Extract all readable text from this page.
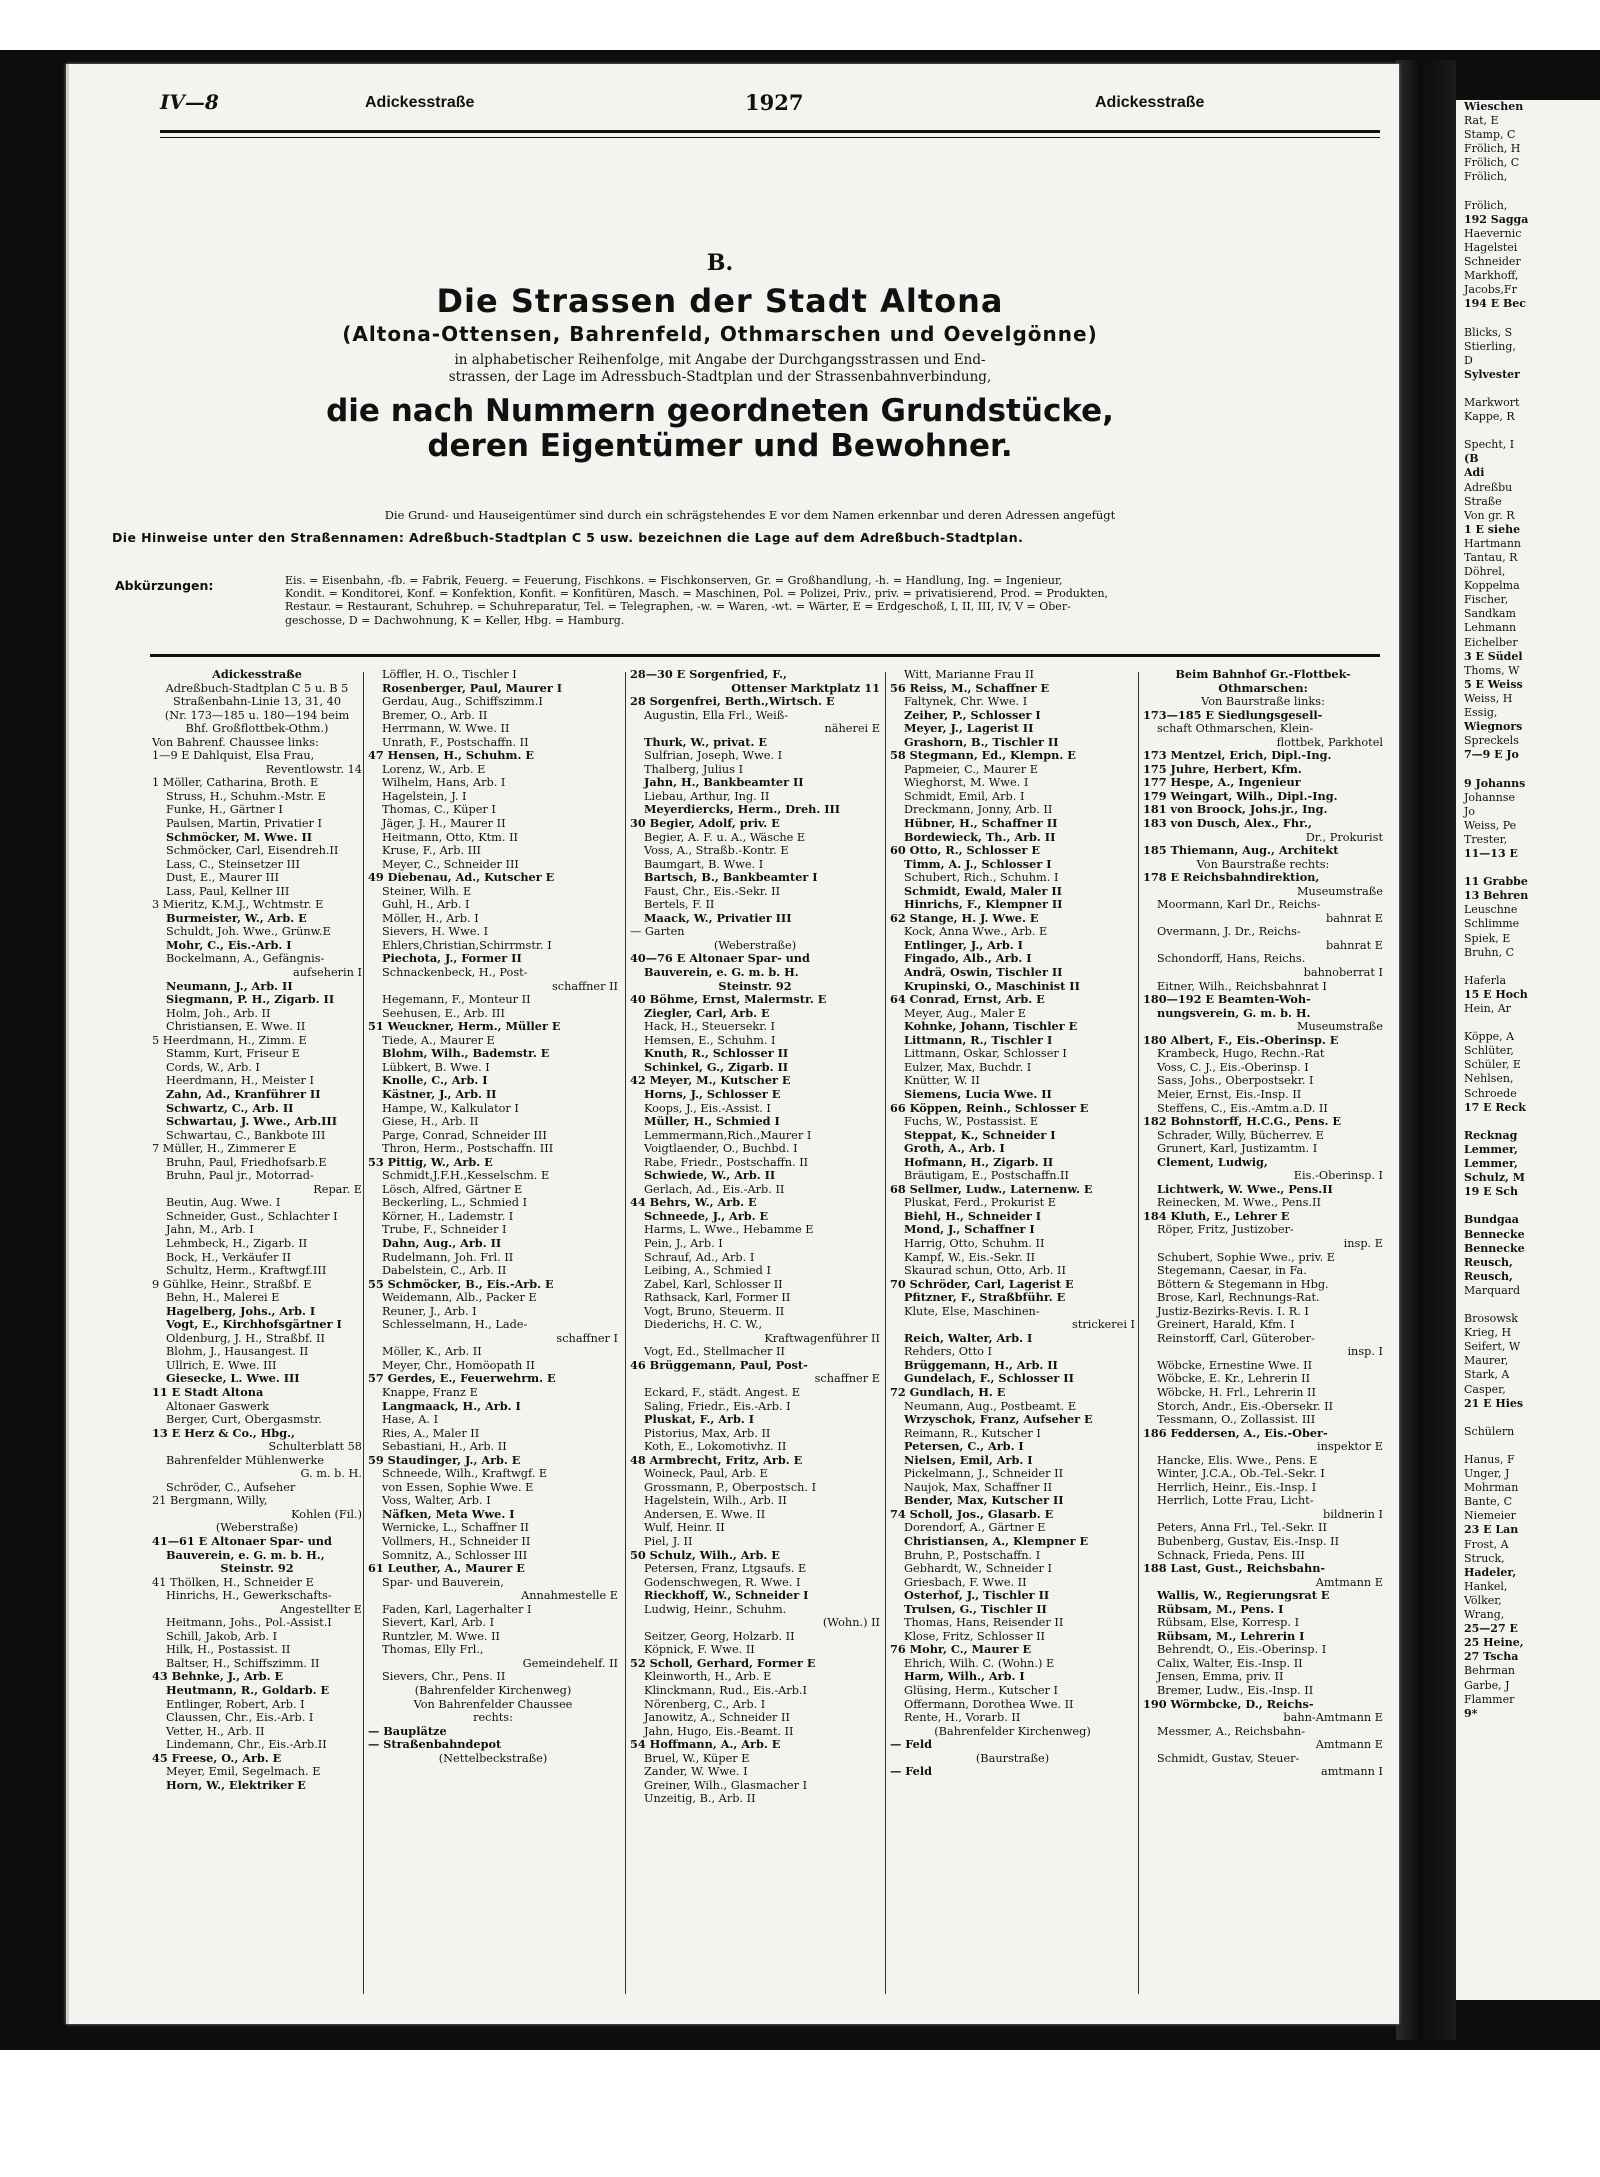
Wieschen
Rat, E
Stamp, C
Frölich, H
Frölich, C
Frölich,

Frölich,
192 Sagga
Haevernic
Hagelstei
Schneider
Markhoff,
Jacobs,Fr
194 E Bec

Blicks, S
Stierling,
D
Sylvester

Markwort
Kappe, R

Specht, I
(B
Adi
Adreßbu
Straße
Von gr. R
1 E siehe
Hartmann
Tantau, R
Döhrel,
Koppelma
Fischer,
Sandkam
Lehmann
Eichelber
3 E Südel
Thoms, W
5 E Weiss
Weiss, H
Essig,
Wiegnors
Spreckels
7—9 E Jo

9 Johanns
Johannse
Jo
Weiss, Pe
Trester,
11—13 E

11 Grabbe
13 Behren
Leuschne
Schlimme
Spiek, E
Bruhn, C

Haferla
15 E Hoch
Hein, Ar

Köppe, A
Schlüter,
Schüler, E
Nehlsen,
Schroede
17 E Reck

Recknag
Lemmer,
Lemmer,
Schulz, M
19 E Sch

Bundgaa
Bennecke
Bennecke
Reusch,
Reusch,
Marquard

Brosowsk
Krieg, H
Seifert, W
Maurer,
Stark, A
Casper,
21 E Hies

Schülern

Hanus, F
Unger, J
Mohrman
Bante, C
Niemeier
23 E Lan
Frost, A
Struck,
Hadeler,
Hankel,
Völker,
Wrang,
25—27 E
25 Heine,
27 Tscha
Behrman
Garbe, J
Flammer
9*
IV—8	Adickesstraße	1927	Adickesstraße
B.
Die Strassen der Stadt Altona
(Altona-Ottensen, Bahrenfeld, Othmarschen und Oevelgönne)
in alphabetischer Reihenfolge, mit Angabe der Durchgangsstrassen und End-
strassen, der Lage im Adressbuch-Stadtplan und der Strassenbahnverbindung,
die nach Nummern geordneten Grundstücke,
deren Eigentümer und Bewohner.
Die Grund- und Hauseigentümer sind durch ein schrägstehendes E vor dem Namen erkennbar und deren Adressen angefügt
Die Hinweise unter den Straßennamen: Adreßbuch-Stadtplan C 5 usw. bezeichnen die Lage auf dem Adreßbuch-Stadtplan.
Abkürzungen:	Eis. = Eisenbahn, -fb. = Fabrik, Feuerg. = Feuerung, Fischkons. = Fischkonserven, Gr. = Großhandlung, -h. = Handlung, Ing. = Ingenieur,
Kondit. = Konditorei, Konf. = Konfektion, Konfit. = Konfitüren, Masch. = Maschinen, Pol. = Polizei, Priv., priv. = privatisierend, Prod. = Produkten,
Restaur. = Restaurant, Schuhrep. = Schuhreparatur, Tel. = Telegraphen, -w. = Waren, -wt. = Wärter, E = Erdgeschoß, I, II, III, IV, V = Ober-
geschosse, D = Dachwohnung, K = Keller, Hbg. = Hamburg.
Adickesstraße
Adreßbuch-Stadtplan C 5 u. B 5
Straßenbahn-Linie 13, 31, 40
(Nr. 173—185 u. 180—194 beim
Bhf. Großflottbek-Othm.)
Von Bahrenf. Chaussee links:
1—9 E Dahlquist, Elsa Frau,
Reventlowstr. 14
1 Möller, Catharina, Broth. E
Struss, H., Schuhm.-Mstr. E
Funke, H., Gärtner I
Paulsen, Martin, Privatier I
Schmöcker, M. Wwe. II
Schmöcker, Carl, Eisendreh.II
Lass, C., Steinsetzer III
Dust, E., Maurer III
Lass, Paul, Kellner III
3 Mieritz, K.M.J., Wchtmstr. E
Burmeister, W., Arb. E
Schuldt, Joh. Wwe., Grünw.E
Mohr, C., Eis.-Arb. I
Bockelmann, A., Gefängnis-
aufseherin I
Neumann, J., Arb. II
Siegmann, P. H., Zigarb. II
Holm, Joh., Arb. II
Christiansen, E. Wwe. II
5 Heerdmann, H., Zimm. E
Stamm, Kurt, Friseur E
Cords, W., Arb. I
Heerdmann, H., Meister I
Zahn, Ad., Kranführer II
Schwartz, C., Arb. II
Schwartau, J. Wwe., Arb.III
Schwartau, C., Bankbote III
7 Müller, H., Zimmerer E
Bruhn, Paul, Friedhofsarb.E
Bruhn, Paul jr., Motorrad-
Repar. E
Beutin, Aug. Wwe. I
Schneider, Gust., Schlachter I
Jahn, M., Arb. I
Lehmbeck, H., Zigarb. II
Bock, H., Verkäufer II
Schultz, Herm., Kraftwgf.III
9 Gühlke, Heinr., Straßbf. E
Behn, H., Malerei E
Hagelberg, Johs., Arb. I
Vogt, E., Kirchhofsgärtner I
Oldenburg, J. H., Straßbf. II
Blohm, J., Hausangest. II
Ullrich, E. Wwe. III
Giesecke, L. Wwe. III
11 E Stadt Altona
Altonaer Gaswerk
Berger, Curt, Obergasmstr.
13 E Herz & Co., Hbg.,
Schulterblatt 58
Bahrenfelder Mühlenwerke
G. m. b. H.
Schröder, C., Aufseher
21 Bergmann, Willy,
Kohlen (Fil.)
(Weberstraße)
41—61 E Altonaer Spar- und
Bauverein, e. G. m. b. H.,
Steinstr. 92
41 Thölken, H., Schneider E
Hinrichs, H., Gewerkschafts-
Angestellter E
Heitmann, Johs., Pol.-Assist.I
Schill, Jakob, Arb. I
Hilk, H., Postassist. II
Baltser, H., Schiffszimm. II
43 Behnke, J., Arb. E
Heutmann, R., Goldarb. E
Entlinger, Robert, Arb. I
Claussen, Chr., Eis.-Arb. I
Vetter, H., Arb. II
Lindemann, Chr., Eis.-Arb.II
45 Freese, O., Arb. E
Meyer, Emil, Segelmach. E
Horn, W., Elektriker E
Löffler, H. O., Tischler I
Rosenberger, Paul, Maurer I
Gerdau, Aug., Schiffszimm.I
Bremer, O., Arb. II
Herrmann, W. Wwe. II
Unrath, F., Postschaffn. II
47 Hensen, H., Schuhm. E
Lorenz, W., Arb. E
Wilhelm, Hans, Arb. I
Hagelstein, J. I
Thomas, C., Küper I
Jäger, J. H., Maurer II
Heitmann, Otto, Ktm. II
Kruse, F., Arb. III
Meyer, C., Schneider III
49 Diebenau, Ad., Kutscher E
Steiner, Wilh. E
Guhl, H., Arb. I
Möller, H., Arb. I
Sievers, H. Wwe. I
Ehlers,Christian,Schirrmstr. I
Piechota, J., Former II
Schnackenbeck, H., Post-
schaffner II
Hegemann, F., Monteur II
Seehusen, E., Arb. III
51 Weuckner, Herm., Müller E
Tiede, A., Maurer E
Blohm, Wilh., Bademstr. E
Lübkert, B. Wwe. I
Knolle, C., Arb. I
Kästner, J., Arb. II
Hampe, W., Kalkulator I
Giese, H., Arb. II
Parge, Conrad, Schneider III
Thron, Herm., Postschaffn. III
53 Pittig, W., Arb. E
Schmidt,J.F.H.,Kesselschm. E
Lösch, Alfred, Gärtner E
Beckerling, L., Schmied I
Körner, H., Lademstr. I
Trube, F., Schneider I
Dahn, Aug., Arb. II
Rudelmann, Joh. Frl. II
Dabelstein, C., Arb. II
55 Schmöcker, B., Eis.-Arb. E
Weidemann, Alb., Packer E
Reuner, J., Arb. I
Schlesselmann, H., Lade-
schaffner I
Möller, K., Arb. II
Meyer, Chr., Homöopath II
57 Gerdes, E., Feuerwehrm. E
Knappe, Franz E
Langmaack, H., Arb. I
Hase, A. I
Ries, A., Maler II
Sebastiani, H., Arb. II
59 Staudinger, J., Arb. E
Schneede, Wilh., Kraftwgf. E
von Essen, Sophie Wwe. E
Voss, Walter, Arb. I
Näfken, Meta Wwe. I
Wernicke, L., Schaffner II
Vollmers, H., Schneider II
Somnitz, A., Schlosser III
61 Leuther, A., Maurer E
Spar- und Bauverein,
Annahmestelle E
Faden, Karl, Lagerhalter I
Sievert, Karl, Arb. I
Runtzler, M. Wwe. II
Thomas, Elly Frl.,
Gemeindehelf. II
Sievers, Chr., Pens. II
(Bahrenfelder Kirchenweg)
Von Bahrenfelder Chaussee
rechts:
— Bauplätze
— Straßenbahndepot
(Nettelbeckstraße)
28—30 E Sorgenfried, F.,
Ottenser Marktplatz 11
28 Sorgenfrei, Berth.,Wirtsch. E
Augustin, Ella Frl., Weiß-
näherei E
Thurk, W., privat. E
Sulfrian, Joseph, Wwe. I
Thalberg, Julius I
Jahn, H., Bankbeamter II
Liebau, Arthur, Ing. II
Meyerdiercks, Herm., Dreh. III
30 Begier, Adolf, priv. E
Begier, A. F. u. A., Wäsche E
Voss, A., Straßb.-Kontr. E
Baumgart, B. Wwe. I
Bartsch, B., Bankbeamter I
Faust, Chr., Eis.-Sekr. II
Bertels, F. II
Maack, W., Privatier III
— Garten
(Weberstraße)
40—76 E Altonaer Spar- und
Bauverein, e. G. m. b. H.
Steinstr. 92
40 Böhme, Ernst, Malermstr. E
Ziegler, Carl, Arb. E
Hack, H., Steuersekr. I
Hemsen, E., Schuhm. I
Knuth, R., Schlosser II
Schinkel, G., Zigarb. II
42 Meyer, M., Kutscher E
Horns, J., Schlosser E
Koops, J., Eis.-Assist. I
Müller, H., Schmied I
Lemmermann,Rich.,Maurer I
Voigtlaender, O., Buchbd. I
Rabe, Friedr., Postschaffn. II
Schwiede, W., Arb. II
Gerlach, Ad., Eis.-Arb. II
44 Behrs, W., Arb. E
Schneede, J., Arb. E
Harms, L. Wwe., Hebamme E
Pein, J., Arb. I
Schrauf, Ad., Arb. I
Leibing, A., Schmied I
Zabel, Karl, Schlosser II
Rathsack, Karl, Former II
Vogt, Bruno, Steuerm. II
Diederichs, H. C. W.,
Kraftwagenführer II
Vogt, Ed., Stellmacher II
46 Brüggemann, Paul, Post-
schaffner E
Eckard, F., städt. Angest. E
Saling, Friedr., Eis.-Arb. I
Pluskat, F., Arb. I
Pistorius, Max, Arb. II
Koth, E., Lokomotivhz. II
48 Armbrecht, Fritz, Arb. E
Woineck, Paul, Arb. E
Grossmann, P., Oberpostsch. I
Hagelstein, Wilh., Arb. II
Andersen, E. Wwe. II
Wulf, Heinr. II
Piel, J. II
50 Schulz, Wilh., Arb. E
Petersen, Franz, Ltgsaufs. E
Godenschwegen, R. Wwe. I
Rieckhoff, W., Schneider I
Ludwig, Heinr., Schuhm.
(Wohn.) II
Seitzer, Georg, Holzarb. II
Köpnick, F. Wwe. II
52 Scholl, Gerhard, Former E
Kleinworth, H., Arb. E
Klinckmann, Rud., Eis.-Arb.I
Nörenberg, C., Arb. I
Janowitz, A., Schneider II
Jahn, Hugo, Eis.-Beamt. II
54 Hoffmann, A., Arb. E
Bruel, W., Küper E
Zander, W. Wwe. I
Greiner, Wilh., Glasmacher I
Unzeitig, B., Arb. II
Witt, Marianne Frau II
56 Reiss, M., Schaffner E
Faltynek, Chr. Wwe. I
Zeiher, P., Schlosser I
Meyer, J., Lagerist II
Grashorn, B., Tischler II
58 Stegmann, Ed., Klempn. E
Papmeier, C., Maurer E
Wieghorst, M. Wwe. I
Schmidt, Emil, Arb. I
Dreckmann, Jonny, Arb. II
Hübner, H., Schaffner II
Bordewieck, Th., Arb. II
60 Otto, R., Schlosser E
Timm, A. J., Schlosser I
Schubert, Rich., Schuhm. I
Schmidt, Ewald, Maler II
Hinrichs, F., Klempner II
62 Stange, H. J. Wwe. E
Kock, Anna Wwe., Arb. E
Entlinger, J., Arb. I
Fingado, Alb., Arb. I
Andrä, Oswin, Tischler II
Krupinski, O., Maschinist II
64 Conrad, Ernst, Arb. E
Meyer, Aug., Maler E
Kohnke, Johann, Tischler E
Littmann, R., Tischler I
Littmann, Oskar, Schlosser I
Eulzer, Max, Buchdr. I
Knütter, W. II
Siemens, Lucia Wwe. II
66 Köppen, Reinh., Schlosser E
Fuchs, W., Postassist. E
Steppat, K., Schneider I
Groth, A., Arb. I
Hofmann, H., Zigarb. II
Bräutigam, E., Postschaffn.II
68 Sellmer, Ludw., Laternenw. E
Pluskat, Ferd., Prokurist E
Biehl, H., Schneider I
Mond, J., Schaffner I
Harrig, Otto, Schuhm. II
Kampf, W., Eis.-Sekr. II
Skaurad schun, Otto, Arb. II
70 Schröder, Carl, Lagerist E
Pfitzner, F., Straßbführ. E
Klute, Else, Maschinen-
strickerei I
Reich, Walter, Arb. I
Rehders, Otto I
Brüggemann, H., Arb. II
Gundelach, F., Schlosser II
72 Gundlach, H. E
Neumann, Aug., Postbeamt. E
Wrzyschok, Franz, Aufseher E
Reimann, R., Kutscher I
Petersen, C., Arb. I
Nielsen, Emil, Arb. I
Pickelmann, J., Schneider II
Naujok, Max, Schaffner II
Bender, Max, Kutscher II
74 Scholl, Jos., Glasarb. E
Dorendorf, A., Gärtner E
Christiansen, A., Klempner E
Bruhn, P., Postschaffn. I
Gebhardt, W., Schneider I
Griesbach, F. Wwe. II
Osterhof, J., Tischler II
Trulsen, G., Tischler II
Thomas, Hans, Reisender II
Klose, Fritz, Schlosser II
76 Mohr, C., Maurer E
Ehrich, Wilh. C. (Wohn.) E
Harm, Wilh., Arb. I
Glüsing, Herm., Kutscher I
Offermann, Dorothea Wwe. II
Rente, H., Vorarb. II
(Bahrenfelder Kirchenweg)
— Feld
(Baurstraße)
— Feld
Beim Bahnhof Gr.-Flottbek-
Othmarschen:
Von Baurstraße links:
173—185 E Siedlungsgesell-
schaft Othmarschen, Klein-
flottbek, Parkhotel
173 Mentzel, Erich, Dipl.-Ing.
175 Juhre, Herbert, Kfm.
177 Hespe, A., Ingenieur
179 Weingart, Wilh., Dipl.-Ing.
181 von Broock, Johs.jr., Ing.
183 von Dusch, Alex., Fhr.,
Dr., Prokurist
185 Thiemann, Aug., Architekt
Von Baurstraße rechts:
178 E Reichsbahndirektion,
Museumstraße
Moormann, Karl Dr., Reichs-
bahnrat E
Overmann, J. Dr., Reichs-
bahnrat E
Schondorff, Hans, Reichs.
bahnoberrat I
Eitner, Wilh., Reichsbahnrat I
180—192 E Beamten-Woh-
nungsverein, G. m. b. H.
Museumstraße
180 Albert, F., Eis.-Oberinsp. E
Krambeck, Hugo, Rechn.-Rat
Voss, C. J., Eis.-Oberinsp. I
Sass, Johs., Oberpostsekr. I
Meier, Ernst, Eis.-Insp. II
Steffens, C., Eis.-Amtm.a.D. II
182 Bohnstorff, H.C.G., Pens. E
Schrader, Willy, Bücherrev. E
Grunert, Karl, Justizamtm. I
Clement, Ludwig,
Eis.-Oberinsp. I
Lichtwerk, W. Wwe., Pens.II
Reinecken, M. Wwe., Pens.II
184 Kluth, E., Lehrer E
Röper, Fritz, Justizober-
insp. E
Schubert, Sophie Wwe., priv. E
Stegemann, Caesar, in Fa.
Böttern & Stegemann in Hbg.
Brose, Karl, Rechnungs-Rat.
Justiz-Bezirks-Revis. I. R. I
Greinert, Harald, Kfm. I
Reinstorff, Carl, Güterober-
insp. I
Wöbcke, Ernestine Wwe. II
Wöbcke, E. Kr., Lehrerin II
Wöbcke, H. Frl., Lehrerin II
Storch, Andr., Eis.-Obersekr. II
Tessmann, O., Zollassist. III
186 Feddersen, A., Eis.-Ober-
inspektor E
Hancke, Elis. Wwe., Pens. E
Winter, J.C.A., Ob.-Tel.-Sekr. I
Herrlich, Heinr., Eis.-Insp. I
Herrlich, Lotte Frau, Licht-
bildnerin I
Peters, Anna Frl., Tel.-Sekr. II
Bubenberg, Gustav, Eis.-Insp. II
Schnack, Frieda, Pens. III
188 Last, Gust., Reichsbahn-
Amtmann E
Wallis, W., Regierungsrat E
Rübsam, M., Pens. I
Rübsam, Else, Korresp. I
Rübsam, M., Lehrerin I
Behrendt, O., Eis.-Oberinsp. I
Calix, Walter, Eis.-Insp. II
Jensen, Emma, priv. II
Bremer, Ludw., Eis.-Insp. II
190 Wörmbcke, D., Reichs-
bahn-Amtmann E
Messmer, A., Reichsbahn-
Amtmann E
Schmidt, Gustav, Steuer-
amtmann I
